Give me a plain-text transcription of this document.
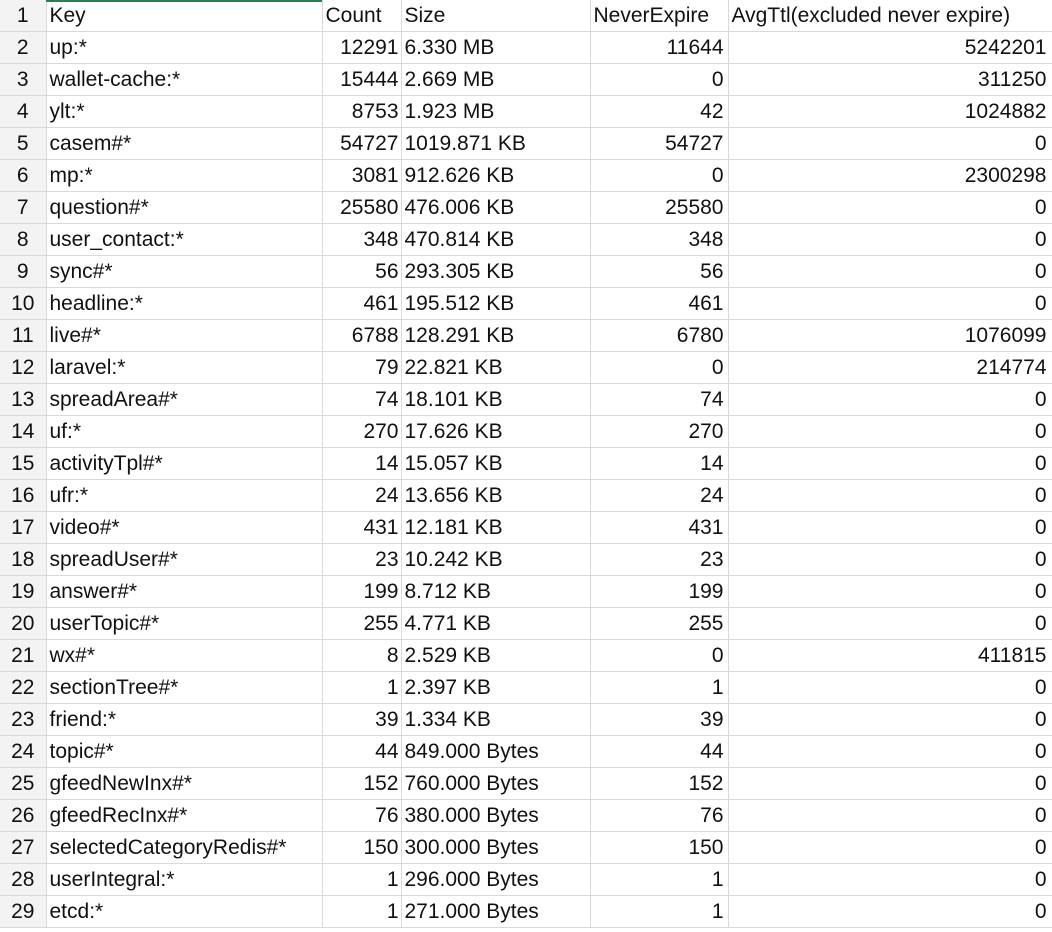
1	Key	Count	Size	NeverExpire	AvgTtl(excluded never expire)
2	up:*	12291	6.330 MB	11644	5242201
3	wallet-cache:*	15444	2.669 MB	0	311250
4	ylt:*	8753	1.923 MB	42	1024882
5	casem#*	54727	1019.871 KB	54727	0
6	mp:*	3081	912.626 KB	0	2300298
7	question#*	25580	476.006 KB	25580	0
8	user_contact:*	348	470.814 KB	348	0
9	sync#*	56	293.305 KB	56	0
10	headline:*	461	195.512 KB	461	0
11	live#*	6788	128.291 KB	6780	1076099
12	laravel:*	79	22.821 KB	0	214774
13	spreadArea#*	74	18.101 KB	74	0
14	uf:*	270	17.626 KB	270	0
15	activityTpl#*	14	15.057 KB	14	0
16	ufr:*	24	13.656 KB	24	0
17	video#*	431	12.181 KB	431	0
18	spreadUser#*	23	10.242 KB	23	0
19	answer#*	199	8.712 KB	199	0
20	userTopic#*	255	4.771 KB	255	0
21	wx#*	8	2.529 KB	0	411815
22	sectionTree#*	1	2.397 KB	1	0
23	friend:*	39	1.334 KB	39	0
24	topic#*	44	849.000 Bytes	44	0
25	gfeedNewInx#*	152	760.000 Bytes	152	0
26	gfeedRecInx#*	76	380.000 Bytes	76	0
27	selectedCategoryRedis#*	150	300.000 Bytes	150	0
28	userIntegral:*	1	296.000 Bytes	1	0
29	etcd:*	1	271.000 Bytes	1	0
